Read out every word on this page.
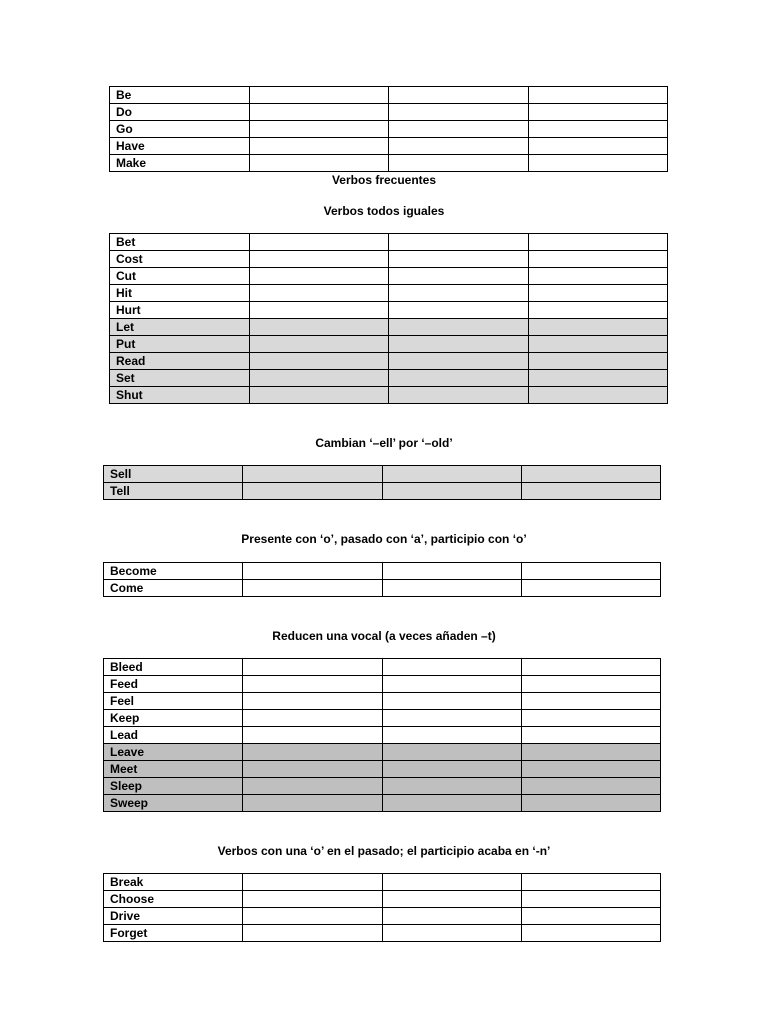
Be			
Do			
Go			
Have			
Make			
Verbos frecuentes
Verbos todos iguales
Bet			
Cost			
Cut			
Hit			
Hurt			
Let			
Put			
Read			
Set			
Shut			
Cambian ‘–ell’ por ‘–old’
Sell			
Tell			
Presente con ‘o’, pasado con ‘a’, participio con ‘o’
Become			
Come			
Reducen una vocal (a veces añaden –t)
Bleed			
Feed			
Feel			
Keep			
Lead			
Leave			
Meet			
Sleep			
Sweep			
Verbos con una ‘o’ en el pasado; el participio acaba en ‘-n’
Break			
Choose			
Drive			
Forget			
